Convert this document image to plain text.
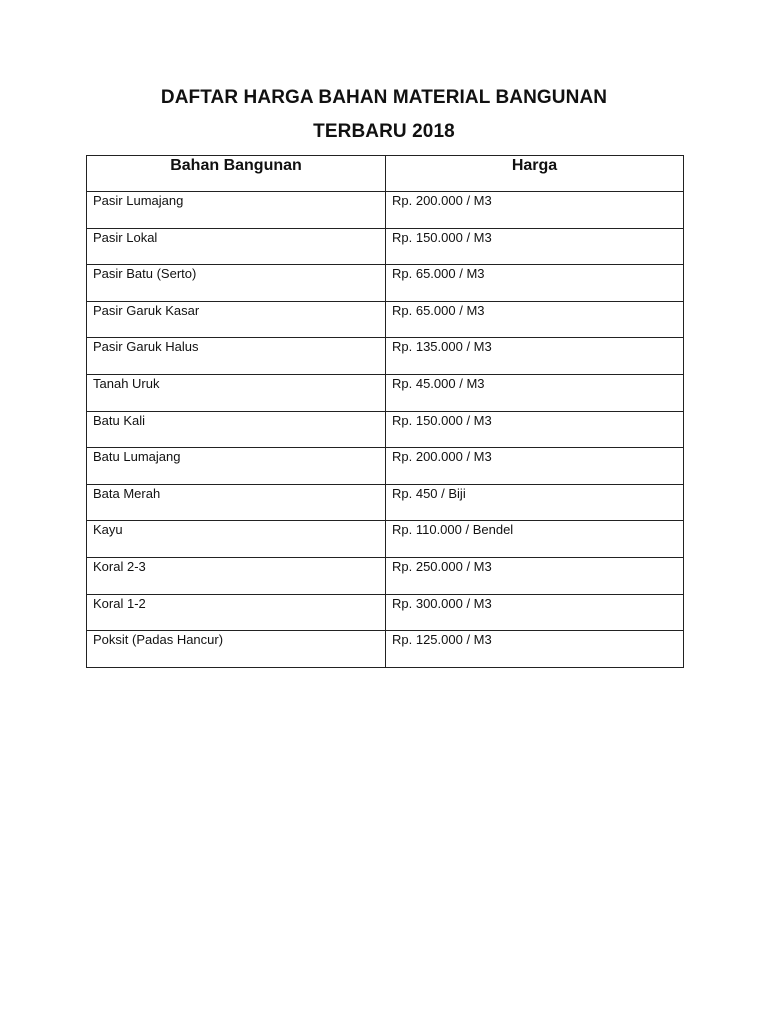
DAFTAR HARGA BAHAN MATERIAL BANGUNAN
TERBARU 2018
Bahan Bangunan	Harga
Pasir Lumajang	Rp. 200.000 / M3
Pasir Lokal	Rp. 150.000 / M3
Pasir Batu (Serto)	Rp. 65.000 / M3
Pasir Garuk Kasar	Rp. 65.000 / M3
Pasir Garuk Halus	Rp. 135.000 / M3
Tanah Uruk	Rp. 45.000 / M3
Batu Kali	Rp. 150.000 / M3
Batu Lumajang	Rp. 200.000 / M3
Bata Merah	Rp. 450 / Biji
Kayu	Rp. 110.000 / Bendel
Koral 2-3	Rp. 250.000 / M3
Koral 1-2	Rp. 300.000 / M3
Poksit (Padas Hancur)	Rp. 125.000 / M3
